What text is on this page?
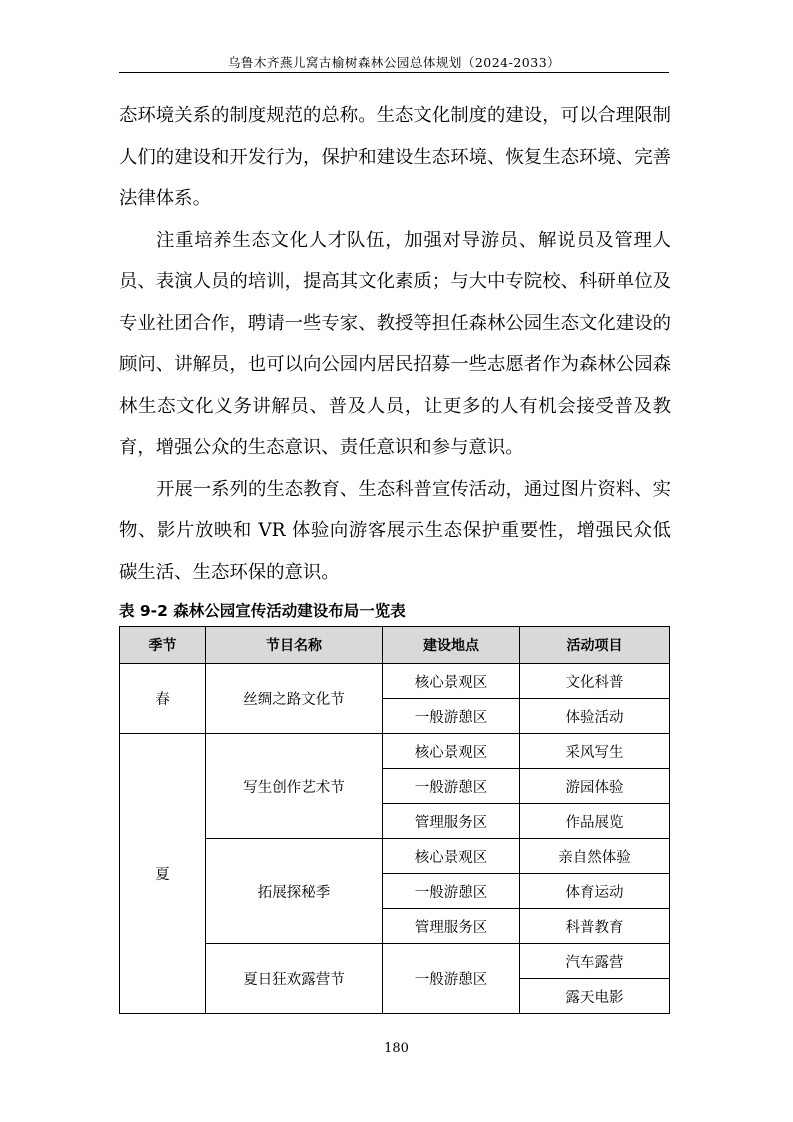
乌鲁木齐燕儿窝古榆树森林公园总体规划（2024-2033）

态环境关系的制度规范的总称。生态文化制度的建设，可以合理限制人们的建设和开发行为，保护和建设生态环境、恢复生态环境、完善法律体系。

注重培养生态文化人才队伍，加强对导游员、解说员及管理人员、表演人员的培训，提高其文化素质；与大中专院校、科研单位及专业社团合作，聘请一些专家、教授等担任森林公园生态文化建设的顾问、讲解员，也可以向公园内居民招募一些志愿者作为森林公园森林生态文化义务讲解员、普及人员，让更多的人有机会接受普及教育，增强公众的生态意识、责任意识和参与意识。

开展一系列的生态教育、生态科普宣传活动，通过图片资料、实物、影片放映和 VR 体验向游客展示生态保护重要性，增强民众低碳生活、生态环保的意识。

表 9-2 森林公园宣传活动建设布局一览表
季节	节目名称	建设地点	活动项目
春	丝绸之路文化节	核心景观区	文化科普
		一般游憩区	体验活动
夏	写生创作艺术节	核心景观区	采风写生
		一般游憩区	游园体验
		管理服务区	作品展览
	拓展探秘季	核心景观区	亲自然体验
		一般游憩区	体育运动
		管理服务区	科普教育
	夏日狂欢露营节	一般游憩区	汽车露营
			露天电影
180
